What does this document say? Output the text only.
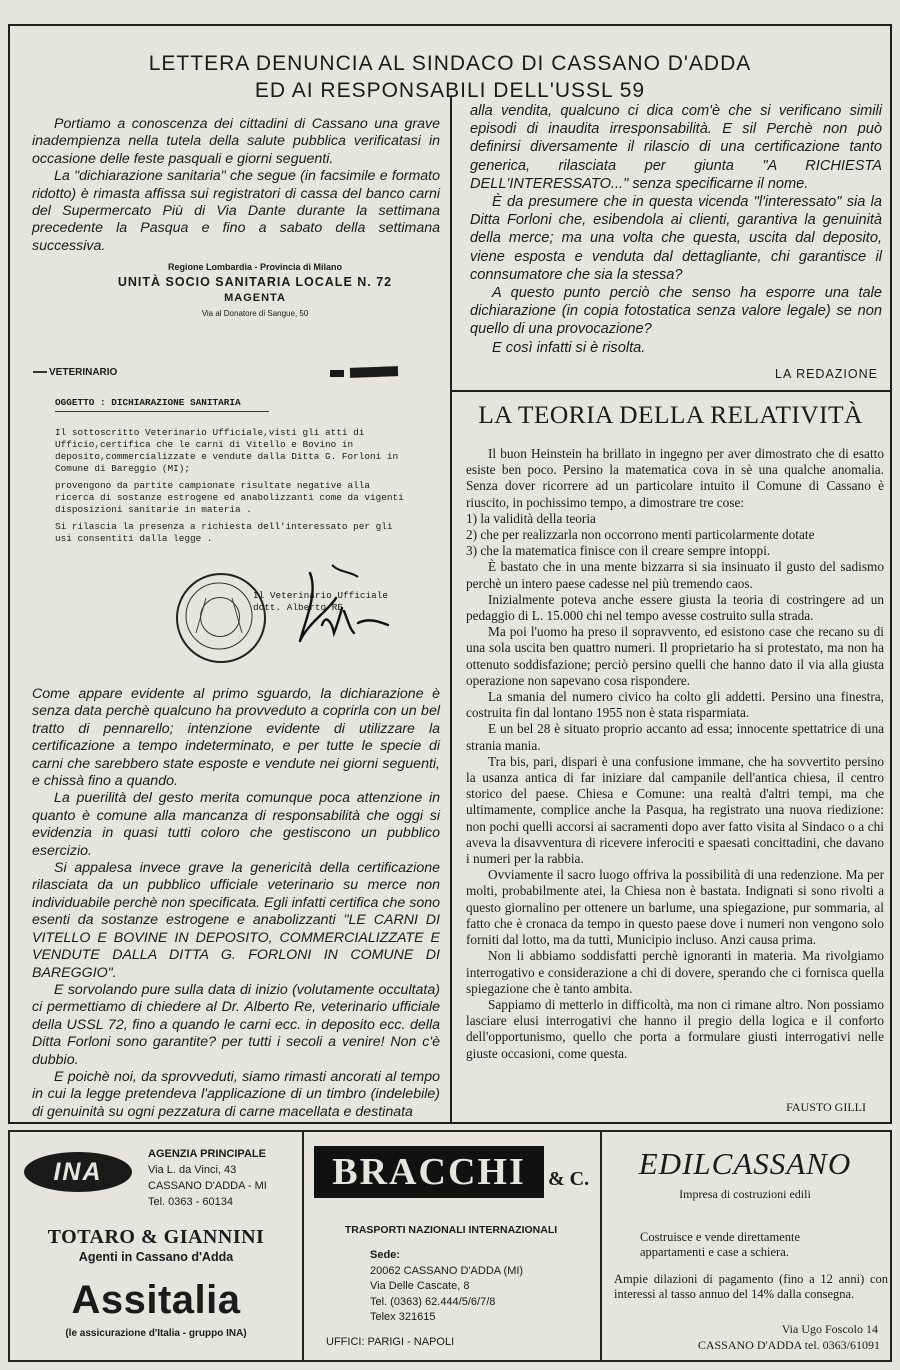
LETTERA DENUNCIA AL SINDACO DI CASSANO D'ADDA
ED AI RESPONSABILI DELL'USSL 59

Portiamo a conoscenza dei cittadini di Cassano una grave inadempienza nella tutela della salute pubblica verificatasi in occasione delle feste pasquali e giorni seguenti.

La "dichiarazione sanitaria" che segue (in facsimile e formato ridotto) è rimasta affissa sui registratori di cassa del banco carni del Supermercato Più di Via Dante durante la settimana precedente la Pasqua e fino a sabato della settimana successiva.

alla vendita, qualcuno ci dica com'è che si verificano simili episodi di inaudita irresponsabilità. E sil Perchè non può definirsi diversamente il rilascio di una certificazione tanto generica, rilasciata per giunta "A RICHIESTA DELL'INTERESSATO..." senza specificarne il nome.

È da presumere che in questa vicenda "l'interessato" sia la Ditta Forloni che, esibendola ai clienti, garantiva la genuinità della merce; ma una volta che questa, uscita dal deposito, viene esposta e venduta dal dettagliante, chi garantisce il connsumatore che sia la stessa?

A questo punto perciò che senso ha esporre una tale dichiarazione (in copia fotostatica senza valore legale) se non quello di una provocazione?

E così infatti si è risolta.

LA REDAZIONE
Regione Lombardia - Provincia di Milano
UNITÀ SOCIO SANITARIA LOCALE N. 72
MAGENTA
Via al Donatore di Sangue, 50
VETERINARIO
OGGETTO : DICHIARAZIONE SANITARIA

Il sottoscritto Veterinario Ufficiale,visti gli atti di Ufficio,certifica che le carni di Vitello e Bovino in deposito,commercializzate e vendute dalla Ditta G. Forloni in Comune di Bareggio (MI);

provengono da partite campionate risultate negative alla ricerca di sostanze estrogene ed anabolizzanti come da vigenti disposizioni sanitarie in materia .

Si rilascia la presenza a richiesta dell'interessato per gli usi consentiti dalla legge .

Il Veterinario Ufficiale
dott. Alberto RE

Come appare evidente al primo sguardo, la dichiarazione è senza data perchè qualcuno ha provveduto a coprirla con un bel tratto di pennarello; intenzione evidente di utilizzare la certificazione a tempo indeterminato, e per tutte le specie di carni che sarebbero state esposte e vendute nei giorni seguenti, e chissà fino a quando.

La puerilità del gesto merita comunque poca attenzione in quanto è comune alla mancanza di responsabilità che oggi si evidenzia in quasi tutti coloro che gestiscono un pubblico esercizio.

Si appalesa invece grave la genericità della certificazione rilasciata da un pubblico ufficiale veterinario su merce non individuabile perchè non specificata. Egli infatti certifica che sono esenti da sostanze estrogene e anabolizzanti "LE CARNI DI VITELLO E BOVINE IN DEPOSITO, COMMERCIALIZZATE E VENDUTE DALLA DITTA G. FORLONI IN COMUNE DI BAREGGIO".

E sorvolando pure sulla data di inizio (volutamente occultata) ci permettiamo di chiedere al Dr. Alberto Re, veterinario ufficiale della USSL 72, fino a quando le carni ecc. in deposito ecc. della Ditta Forloni sono garantite? per tutti i secoli a venire! Non c'è dubbio.

E poichè noi, da sprovveduti, siamo rimasti ancorati al tempo in cui la legge pretendeva l'applicazione di un timbro (indelebile) di genuinità su ogni pezzatura di carne macellata e destinata

LA TEORIA DELLA RELATIVITÀ

Il buon Heinstein ha brillato in ingegno per aver dimostrato che di esatto esiste ben poco. Persino la matematica cova in sè una qualche anomalia. Senza dover ricorrere ad un particolare intuito il Comune di Cassano è riuscito, in pochissimo tempo, a dimostrare tre cose:

1) la validità della teoria

2) che per realizzarla non occorrono menti particolarmente dotate

3) che la matematica finisce con il creare sempre intoppi.

È bastato che in una mente bizzarra si sia insinuato il gusto del sadismo perchè un intero paese cadesse nel più tremendo caos.

Inizialmente poteva anche essere giusta la teoria di costringere ad un pedaggio di L. 15.000 chi nel tempo avesse costruito sulla strada.

Ma poi l'uomo ha preso il sopravvento, ed esistono case che recano su di una sola uscita ben quattro numeri. Il proprietario ha si protestato, ma non ha ottenuto soddisfazione; perciò persino quelli che hanno dato il via alla giusta operazione non sapevano cosa rispondere.

La smania del numero civico ha colto gli addetti. Persino una finestra, costruita fin dal lontano 1955 non è stata risparmiata.

E un bel 28 è situato proprio accanto ad essa; innocente spettatrice di una strania mania.

Tra bis, pari, dispari è una confusione immane, che ha sovvertito persino la usanza antica di far iniziare dal campanile dell'antica chiesa, il centro storico del paese. Chiesa e Comune: una realtà d'altri tempi, ma che ultimamente, complice anche la Pasqua, ha registrato una nuova riedizione: non pochi quelli accorsi ai sacramenti dopo aver fatto visita al Sindaco o a chi aveva la disavventura di ricevere inferociti e spaesati concittadini, che davano i numeri per la rabbia.

Ovviamente il sacro luogo offriva la possibilità di una redenzione. Ma per molti, probabilmente atei, la Chiesa non è bastata. Indignati si sono rivolti a questo giornalino per ottenere un barlume, una spiegazione, pur sommaria, al fatto che è cronaca da tempo in questo paese dove i numeri non vengono solo forniti dal lotto, ma da tutti, Municipio incluso. Anzi causa prima.

Non li abbiamo soddisfatti perchè ignoranti in materia. Ma rivolgiamo interrogativo e considerazione a chi di dovere, sperando che ci fornisca quella spiegazione che è tanto ambita.

Sappiamo di metterlo in difficoltà, ma non ci rimane altro. Non possiamo lasciare elusi interrogativi che hanno il pregio della logica e il conforto dell'opportunismo, quello che porta a formulare giusti interrogativi nelle giuste occasioni, come questa.

FAUSTO GILLI
INA
AGENZIA PRINCIPALE
Via L. da Vinci, 43
CASSANO D'ADDA - MI
Tel. 0363 - 60134
TOTARO & GIANNINI
Agenti in Cassano d'Adda
Assitalia
(le assicurazione d'Italia - gruppo INA)
BRACCHI	& C.
TRASPORTI NAZIONALI INTERNAZIONALI
Sede:
20062 CASSANO D'ADDA (MI)
Via Delle Cascate, 8
Tel. (0363) 62.444/5/6/7/8
Telex 321615
UFFICI: PARIGI - NAPOLI
EDILCASSANO
Impresa di costruzioni edili
Costruisce e vende direttamente
appartamenti e case a schiera.
Ampie dilazioni di pagamento (fino a 12 anni) con interessi al tasso annuo del 14% dalla consegna.
Via Ugo Foscolo 14
CASSANO D'ADDA tel. 0363/61091
